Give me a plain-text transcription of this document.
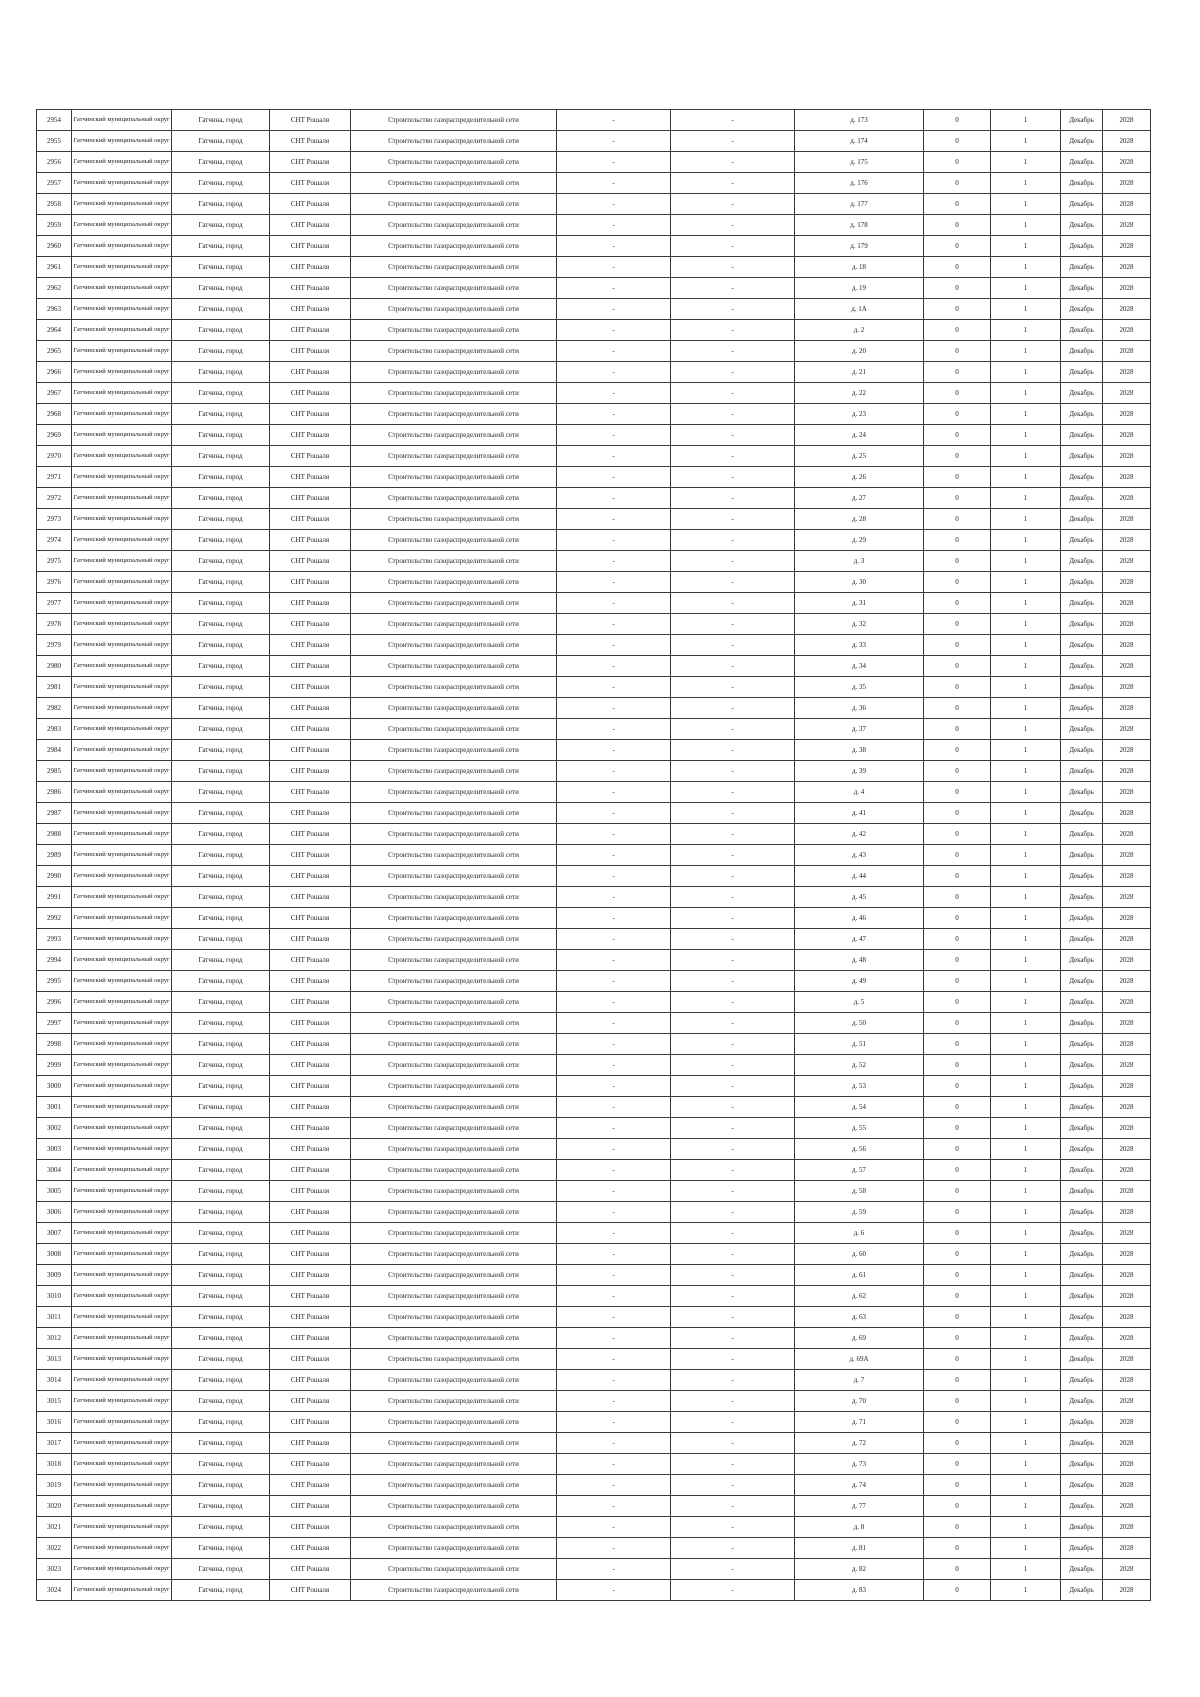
2954	Гатчинский муниципальный округ	Гатчина, город	СНТ Рошаля	Строительство газораспределительной сети	-	-	д. 173	0	1	Декабрь	2028
2955	Гатчинский муниципальный округ	Гатчина, город	СНТ Рошаля	Строительство газораспределительной сети	-	-	д. 174	0	1	Декабрь	2028
2956	Гатчинский муниципальный округ	Гатчина, город	СНТ Рошаля	Строительство газораспределительной сети	-	-	д. 175	0	1	Декабрь	2028
2957	Гатчинский муниципальный округ	Гатчина, город	СНТ Рошаля	Строительство газораспределительной сети	-	-	д. 176	0	1	Декабрь	2028
2958	Гатчинский муниципальный округ	Гатчина, город	СНТ Рошаля	Строительство газораспределительной сети	-	-	д. 177	0	1	Декабрь	2028
2959	Гатчинский муниципальный округ	Гатчина, город	СНТ Рошаля	Строительство газораспределительной сети	-	-	д. 178	0	1	Декабрь	2028
2960	Гатчинский муниципальный округ	Гатчина, город	СНТ Рошаля	Строительство газораспределительной сети	-	-	д. 179	0	1	Декабрь	2028
2961	Гатчинский муниципальный округ	Гатчина, город	СНТ Рошаля	Строительство газораспределительной сети	-	-	д. 18	0	1	Декабрь	2028
2962	Гатчинский муниципальный округ	Гатчина, город	СНТ Рошаля	Строительство газораспределительной сети	-	-	д. 19	0	1	Декабрь	2028
2963	Гатчинский муниципальный округ	Гатчина, город	СНТ Рошаля	Строительство газораспределительной сети	-	-	д. 1А	0	1	Декабрь	2028
2964	Гатчинский муниципальный округ	Гатчина, город	СНТ Рошаля	Строительство газораспределительной сети	-	-	д. 2	0	1	Декабрь	2028
2965	Гатчинский муниципальный округ	Гатчина, город	СНТ Рошаля	Строительство газораспределительной сети	-	-	д. 20	0	1	Декабрь	2028
2966	Гатчинский муниципальный округ	Гатчина, город	СНТ Рошаля	Строительство газораспределительной сети	-	-	д. 21	0	1	Декабрь	2028
2967	Гатчинский муниципальный округ	Гатчина, город	СНТ Рошаля	Строительство газораспределительной сети	-	-	д. 22	0	1	Декабрь	2028
2968	Гатчинский муниципальный округ	Гатчина, город	СНТ Рошаля	Строительство газораспределительной сети	-	-	д. 23	0	1	Декабрь	2028
2969	Гатчинский муниципальный округ	Гатчина, город	СНТ Рошаля	Строительство газораспределительной сети	-	-	д. 24	0	1	Декабрь	2028
2970	Гатчинский муниципальный округ	Гатчина, город	СНТ Рошаля	Строительство газораспределительной сети	-	-	д. 25	0	1	Декабрь	2028
2971	Гатчинский муниципальный округ	Гатчина, город	СНТ Рошаля	Строительство газораспределительной сети	-	-	д. 26	0	1	Декабрь	2028
2972	Гатчинский муниципальный округ	Гатчина, город	СНТ Рошаля	Строительство газораспределительной сети	-	-	д. 27	0	1	Декабрь	2028
2973	Гатчинский муниципальный округ	Гатчина, город	СНТ Рошаля	Строительство газораспределительной сети	-	-	д. 28	0	1	Декабрь	2028
2974	Гатчинский муниципальный округ	Гатчина, город	СНТ Рошаля	Строительство газораспределительной сети	-	-	д. 29	0	1	Декабрь	2028
2975	Гатчинский муниципальный округ	Гатчина, город	СНТ Рошаля	Строительство газораспределительной сети	-	-	д. 3	0	1	Декабрь	2028
2976	Гатчинский муниципальный округ	Гатчина, город	СНТ Рошаля	Строительство газораспределительной сети	-	-	д. 30	0	1	Декабрь	2028
2977	Гатчинский муниципальный округ	Гатчина, город	СНТ Рошаля	Строительство газораспределительной сети	-	-	д. 31	0	1	Декабрь	2028
2978	Гатчинский муниципальный округ	Гатчина, город	СНТ Рошаля	Строительство газораспределительной сети	-	-	д. 32	0	1	Декабрь	2028
2979	Гатчинский муниципальный округ	Гатчина, город	СНТ Рошаля	Строительство газораспределительной сети	-	-	д. 33	0	1	Декабрь	2028
2980	Гатчинский муниципальный округ	Гатчина, город	СНТ Рошаля	Строительство газораспределительной сети	-	-	д. 34	0	1	Декабрь	2028
2981	Гатчинский муниципальный округ	Гатчина, город	СНТ Рошаля	Строительство газораспределительной сети	-	-	д. 35	0	1	Декабрь	2028
2982	Гатчинский муниципальный округ	Гатчина, город	СНТ Рошаля	Строительство газораспределительной сети	-	-	д. 36	0	1	Декабрь	2028
2983	Гатчинский муниципальный округ	Гатчина, город	СНТ Рошаля	Строительство газораспределительной сети	-	-	д. 37	0	1	Декабрь	2028
2984	Гатчинский муниципальный округ	Гатчина, город	СНТ Рошаля	Строительство газораспределительной сети	-	-	д. 38	0	1	Декабрь	2028
2985	Гатчинский муниципальный округ	Гатчина, город	СНТ Рошаля	Строительство газораспределительной сети	-	-	д. 39	0	1	Декабрь	2028
2986	Гатчинский муниципальный округ	Гатчина, город	СНТ Рошаля	Строительство газораспределительной сети	-	-	д. 4	0	1	Декабрь	2028
2987	Гатчинский муниципальный округ	Гатчина, город	СНТ Рошаля	Строительство газораспределительной сети	-	-	д. 41	0	1	Декабрь	2028
2988	Гатчинский муниципальный округ	Гатчина, город	СНТ Рошаля	Строительство газораспределительной сети	-	-	д. 42	0	1	Декабрь	2028
2989	Гатчинский муниципальный округ	Гатчина, город	СНТ Рошаля	Строительство газораспределительной сети	-	-	д. 43	0	1	Декабрь	2028
2990	Гатчинский муниципальный округ	Гатчина, город	СНТ Рошаля	Строительство газораспределительной сети	-	-	д. 44	0	1	Декабрь	2028
2991	Гатчинский муниципальный округ	Гатчина, город	СНТ Рошаля	Строительство газораспределительной сети	-	-	д. 45	0	1	Декабрь	2028
2992	Гатчинский муниципальный округ	Гатчина, город	СНТ Рошаля	Строительство газораспределительной сети	-	-	д. 46	0	1	Декабрь	2028
2993	Гатчинский муниципальный округ	Гатчина, город	СНТ Рошаля	Строительство газораспределительной сети	-	-	д. 47	0	1	Декабрь	2028
2994	Гатчинский муниципальный округ	Гатчина, город	СНТ Рошаля	Строительство газораспределительной сети	-	-	д. 48	0	1	Декабрь	2028
2995	Гатчинский муниципальный округ	Гатчина, город	СНТ Рошаля	Строительство газораспределительной сети	-	-	д. 49	0	1	Декабрь	2028
2996	Гатчинский муниципальный округ	Гатчина, город	СНТ Рошаля	Строительство газораспределительной сети	-	-	д. 5	0	1	Декабрь	2028
2997	Гатчинский муниципальный округ	Гатчина, город	СНТ Рошаля	Строительство газораспределительной сети	-	-	д. 50	0	1	Декабрь	2028
2998	Гатчинский муниципальный округ	Гатчина, город	СНТ Рошаля	Строительство газораспределительной сети	-	-	д. 51	0	1	Декабрь	2028
2999	Гатчинский муниципальный округ	Гатчина, город	СНТ Рошаля	Строительство газораспределительной сети	-	-	д. 52	0	1	Декабрь	2028
3000	Гатчинский муниципальный округ	Гатчина, город	СНТ Рошаля	Строительство газораспределительной сети	-	-	д. 53	0	1	Декабрь	2028
3001	Гатчинский муниципальный округ	Гатчина, город	СНТ Рошаля	Строительство газораспределительной сети	-	-	д. 54	0	1	Декабрь	2028
3002	Гатчинский муниципальный округ	Гатчина, город	СНТ Рошаля	Строительство газораспределительной сети	-	-	д. 55	0	1	Декабрь	2028
3003	Гатчинский муниципальный округ	Гатчина, город	СНТ Рошаля	Строительство газораспределительной сети	-	-	д. 56	0	1	Декабрь	2028
3004	Гатчинский муниципальный округ	Гатчина, город	СНТ Рошаля	Строительство газораспределительной сети	-	-	д. 57	0	1	Декабрь	2028
3005	Гатчинский муниципальный округ	Гатчина, город	СНТ Рошаля	Строительство газораспределительной сети	-	-	д. 58	0	1	Декабрь	2028
3006	Гатчинский муниципальный округ	Гатчина, город	СНТ Рошаля	Строительство газораспределительной сети	-	-	д. 59	0	1	Декабрь	2028
3007	Гатчинский муниципальный округ	Гатчина, город	СНТ Рошаля	Строительство газораспределительной сети	-	-	д. 6	0	1	Декабрь	2028
3008	Гатчинский муниципальный округ	Гатчина, город	СНТ Рошаля	Строительство газораспределительной сети	-	-	д. 60	0	1	Декабрь	2028
3009	Гатчинский муниципальный округ	Гатчина, город	СНТ Рошаля	Строительство газораспределительной сети	-	-	д. 61	0	1	Декабрь	2028
3010	Гатчинский муниципальный округ	Гатчина, город	СНТ Рошаля	Строительство газораспределительной сети	-	-	д. 62	0	1	Декабрь	2028
3011	Гатчинский муниципальный округ	Гатчина, город	СНТ Рошаля	Строительство газораспределительной сети	-	-	д. 63	0	1	Декабрь	2028
3012	Гатчинский муниципальный округ	Гатчина, город	СНТ Рошаля	Строительство газораспределительной сети	-	-	д. 69	0	1	Декабрь	2028
3013	Гатчинский муниципальный округ	Гатчина, город	СНТ Рошаля	Строительство газораспределительной сети	-	-	д. 69А	0	1	Декабрь	2028
3014	Гатчинский муниципальный округ	Гатчина, город	СНТ Рошаля	Строительство газораспределительной сети	-	-	д. 7	0	1	Декабрь	2028
3015	Гатчинский муниципальный округ	Гатчина, город	СНТ Рошаля	Строительство газораспределительной сети	-	-	д. 70	0	1	Декабрь	2028
3016	Гатчинский муниципальный округ	Гатчина, город	СНТ Рошаля	Строительство газораспределительной сети	-	-	д. 71	0	1	Декабрь	2028
3017	Гатчинский муниципальный округ	Гатчина, город	СНТ Рошаля	Строительство газораспределительной сети	-	-	д. 72	0	1	Декабрь	2028
3018	Гатчинский муниципальный округ	Гатчина, город	СНТ Рошаля	Строительство газораспределительной сети	-	-	д. 73	0	1	Декабрь	2028
3019	Гатчинский муниципальный округ	Гатчина, город	СНТ Рошаля	Строительство газораспределительной сети	-	-	д. 74	0	1	Декабрь	2028
3020	Гатчинский муниципальный округ	Гатчина, город	СНТ Рошаля	Строительство газораспределительной сети	-	-	д. 77	0	1	Декабрь	2028
3021	Гатчинский муниципальный округ	Гатчина, город	СНТ Рошаля	Строительство газораспределительной сети	-	-	д. 8	0	1	Декабрь	2028
3022	Гатчинский муниципальный округ	Гатчина, город	СНТ Рошаля	Строительство газораспределительной сети	-	-	д. 81	0	1	Декабрь	2028
3023	Гатчинский муниципальный округ	Гатчина, город	СНТ Рошаля	Строительство газораспределительной сети	-	-	д. 82	0	1	Декабрь	2028
3024	Гатчинский муниципальный округ	Гатчина, город	СНТ Рошаля	Строительство газораспределительной сети	-	-	д. 83	0	1	Декабрь	2028
